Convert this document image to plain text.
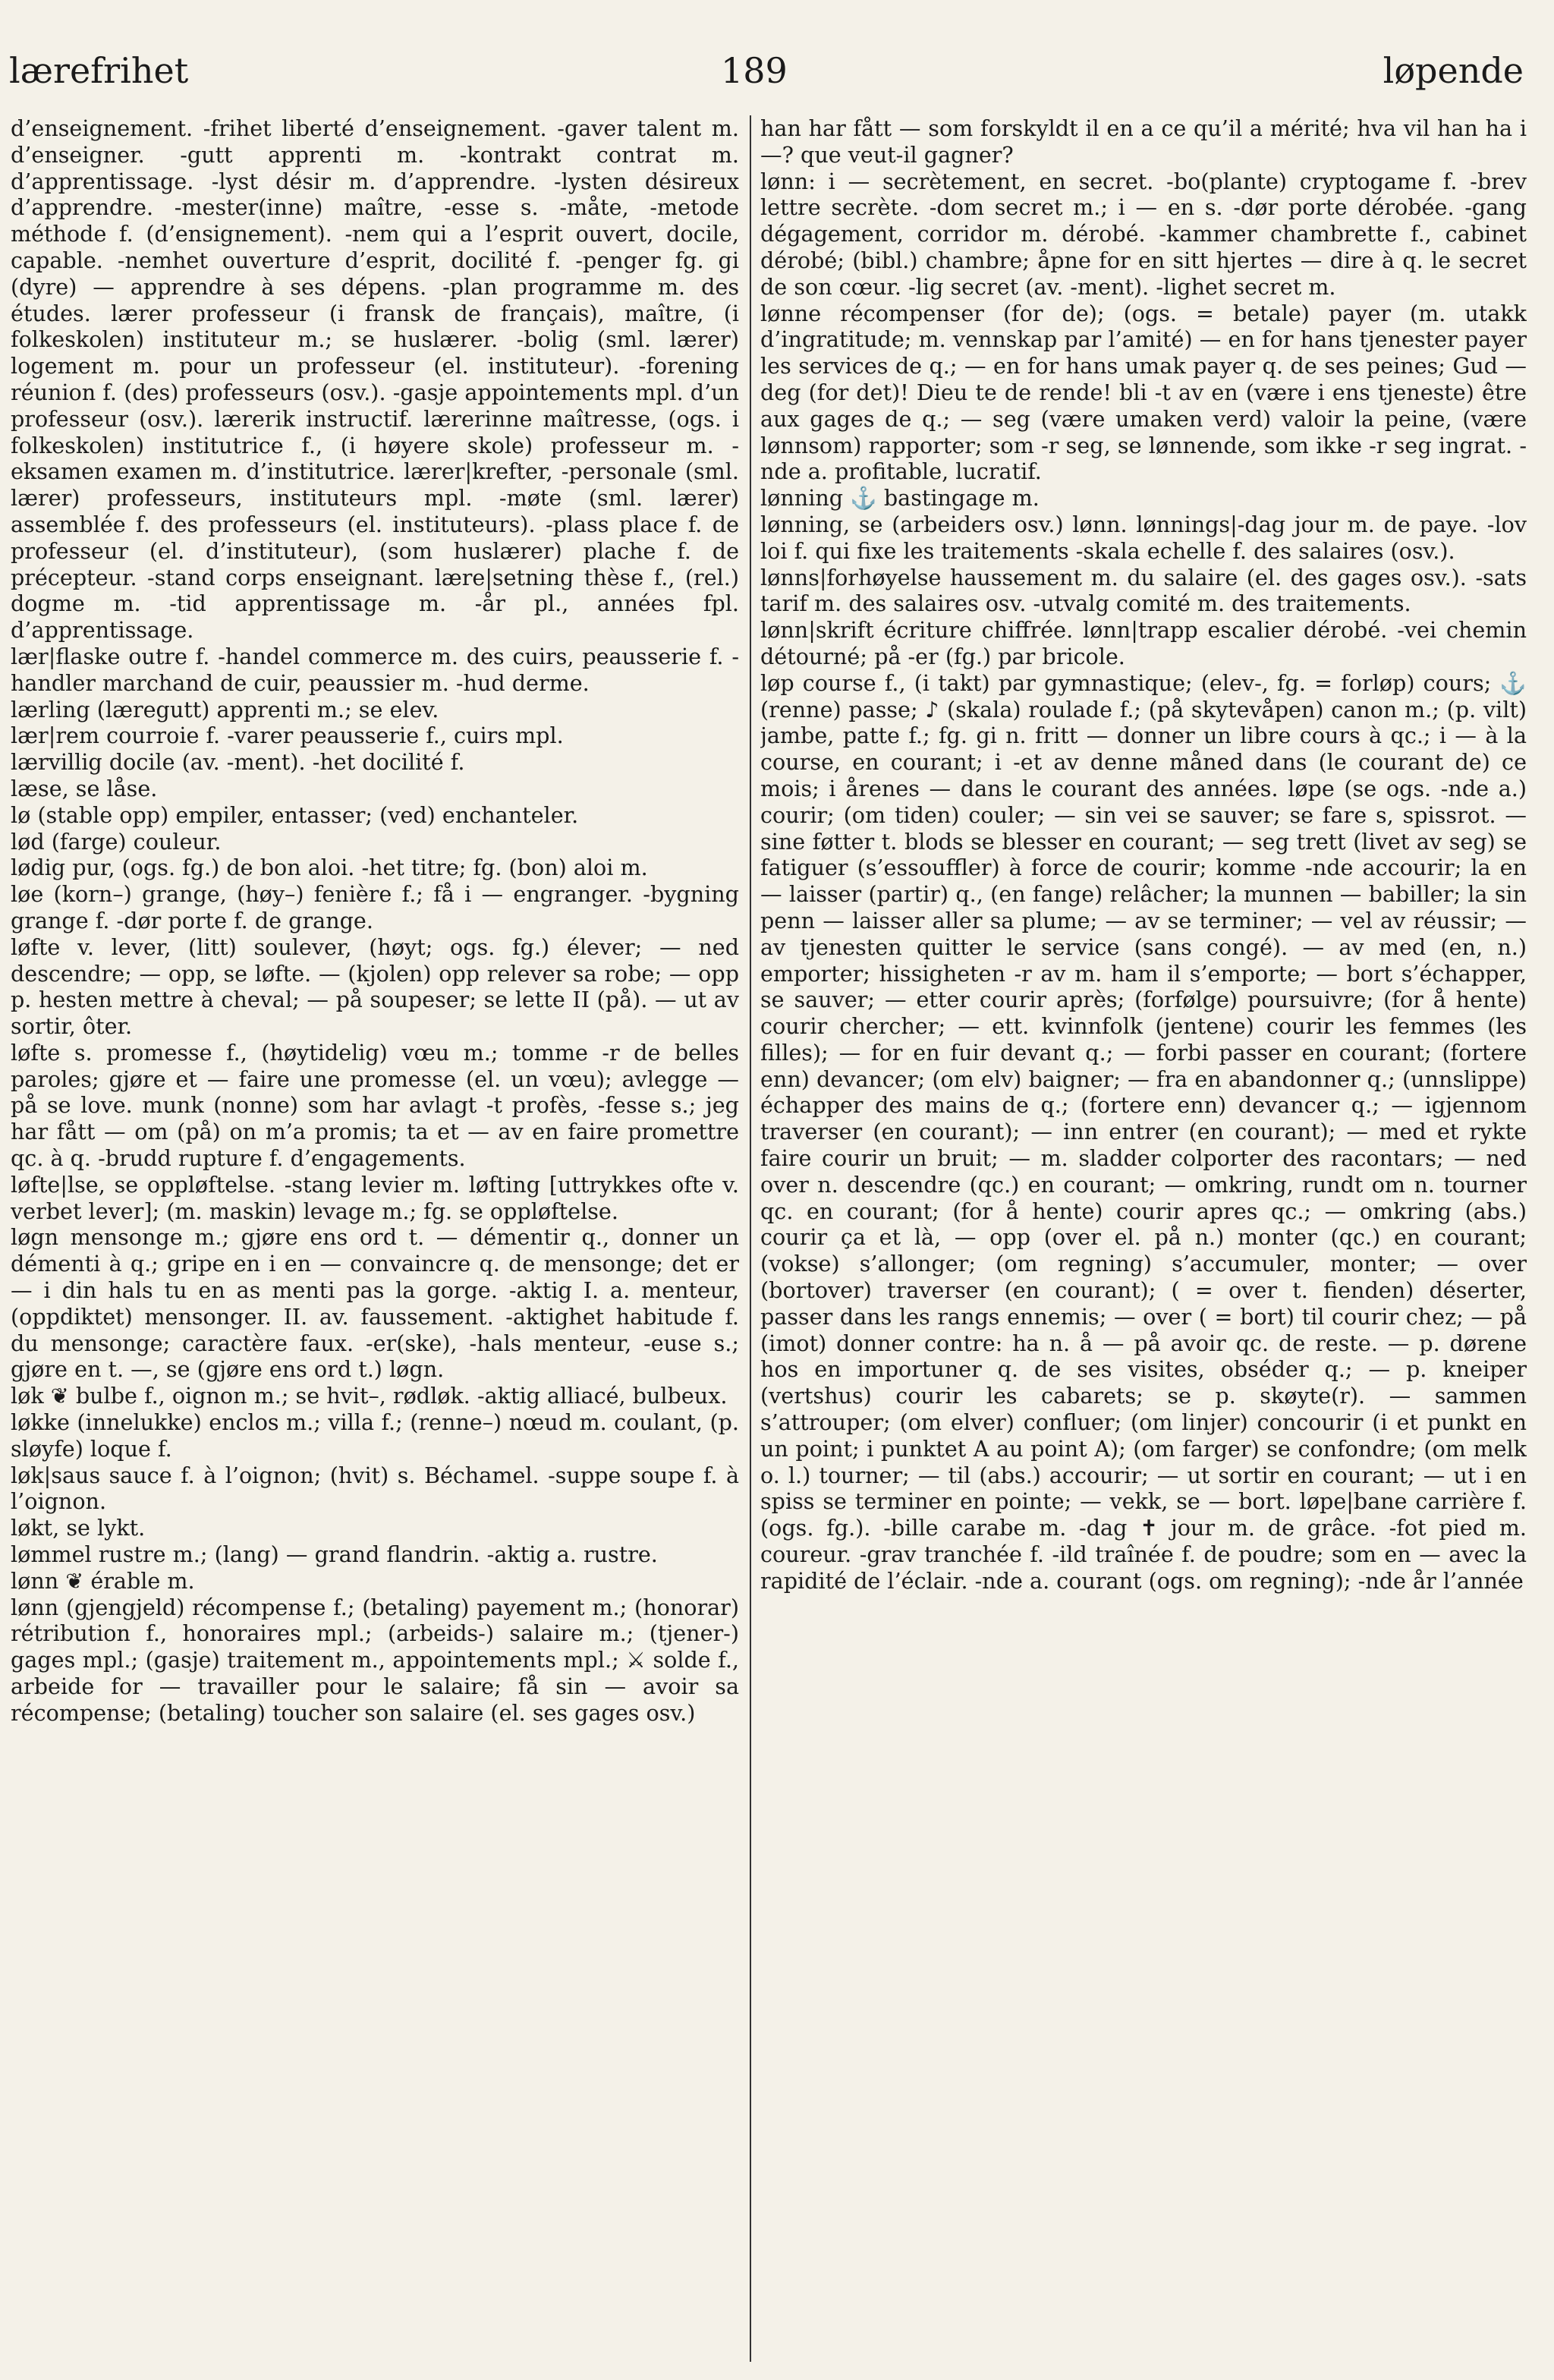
lærefrihet	189	løpende

d’enseignement. -frihet liberté d’enseignement. -gaver talent m. d’enseigner. -gutt apprenti m. -kontrakt contrat m. d’apprentissage. -lyst désir m. d’apprendre. -lysten désireux d’apprendre. -mester(inne) maître, -esse s. -måte, -metode méthode f. (d’ensignement). -nem qui a l’esprit ouvert, docile, capable. -nemhet ouverture d’esprit, docilité f. -penger fg. gi (dyre) — apprendre à ses dépens. -plan programme m. des études. lærer professeur (i fransk de français), maître, (i folkeskolen) instituteur m.; se huslærer. -bolig (sml. lærer) logement m. pour un professeur (el. instituteur). -forening réunion f. (des) professeurs (osv.). -gasje appointements mpl. d’un professeur (osv.). lærerik instructif. lærerinne maîtresse, (ogs. i folkeskolen) institutrice f., (i høyere skole) professeur m. -eksamen examen m. d’institutrice. lærer|krefter, -personale (sml. lærer) professeurs, instituteurs mpl. -møte (sml. lærer) assemblée f. des professeurs (el. instituteurs). -plass place f. de professeur (el. d’instituteur), (som huslærer) plache f. de précepteur. -stand corps enseignant. lære|setning thèse f., (rel.) dogme m. -tid apprentissage m. -år pl., années fpl. d’apprentissage.

lær|flaske outre f. -handel commerce m. des cuirs, peausserie f. -handler marchand de cuir, peaussier m. -hud derme.

lærling (læregutt) apprenti m.; se elev.

lær|rem courroie f. -varer peausserie f., cuirs mpl.

lærvillig docile (av. -ment). -het docilité f.

læse, se låse.

lø (stable opp) empiler, entasser; (ved) enchanteler.

lød (farge) couleur.

lødig pur, (ogs. fg.) de bon aloi. -het titre; fg. (bon) aloi m.

løe (korn–) grange, (høy–) fenière f.; få i — engranger. -bygning grange f. -dør porte f. de grange.

løfte v. lever, (litt) soulever, (høyt; ogs. fg.) élever; — ned descendre; — opp, se løfte. — (kjolen) opp relever sa robe; — opp p. hesten mettre à cheval; — på soupeser; se lette II (på). — ut av sortir, ôter.

løfte s. promesse f., (høytidelig) vœu m.; tomme -r de belles paroles; gjøre et — faire une promesse (el. un vœu); avlegge — på se love. munk (nonne) som har avlagt -t profès, -fesse s.; jeg har fått — om (på) on m’a promis; ta et — av en faire promettre qc. à q. -brudd rupture f. d’engagements.

løfte|lse, se oppløftelse. -stang levier m. løfting [uttrykkes ofte v. verbet lever]; (m. maskin) levage m.; fg. se oppløftelse.

løgn mensonge m.; gjøre ens ord t. — démentir q., donner un démenti à q.; gripe en i en — convaincre q. de mensonge; det er — i din hals tu en as menti pas la gorge. -aktig I. a. menteur, (oppdiktet) mensonger. II. av. faussement. -aktighet habitude f. du mensonge; caractère faux. -er(ske), -hals menteur, -euse s.; gjøre en t. —, se (gjøre ens ord t.) løgn.

løk ❦ bulbe f., oignon m.; se hvit–, rødløk. -aktig alliacé, bulbeux.

løkke (innelukke) enclos m.; villa f.; (renne–) nœud m. coulant, (p. sløyfe) loque f.

løk|saus sauce f. à l’oignon; (hvit) s. Béchamel. -suppe soupe f. à l’oignon.

løkt, se lykt.

lømmel rustre m.; (lang) — grand flandrin. -aktig a. rustre.

lønn ❦ érable m.

lønn (gjengjeld) récompense f.; (betaling) payement m.; (honorar) rétribution f., honoraires mpl.; (arbeids-) salaire m.; (tjener-) gages mpl.; (gasje) traitement m., appointements mpl.; ⚔ solde f., arbeide for — travailler pour le salaire; få sin — avoir sa récompense; (betaling) toucher son salaire (el. ses gages osv.)

han har fått — som forskyldt il en a ce qu’il a mérité; hva vil han ha i —? que veut-il gagner?

lønn: i — secrètement, en secret. -bo(plante) cryptogame f. -brev lettre secrète. -dom secret m.; i — en s. -dør porte dérobée. -gang dégagement, corridor m. dérobé. -kammer chambrette f., cabinet dérobé; (bibl.) chambre; åpne for en sitt hjertes — dire à q. le secret de son cœur. -lig secret (av. -ment). -lighet secret m.

lønne récompenser (for de); (ogs. = betale) payer (m. utakk d’ingratitude; m. vennskap par l’amité) — en for hans tjenester payer les services de q.; — en for hans umak payer q. de ses peines; Gud — deg (for det)! Dieu te de rende! bli -t av en (være i ens tjeneste) être aux gages de q.; — seg (være umaken verd) valoir la peine, (være lønnsom) rapporter; som -r seg, se lønnende, som ikke -r seg ingrat. -nde a. profitable, lucratif.

lønning ⚓ bastingage m.

lønning, se (arbeiders osv.) lønn. lønnings|-dag jour m. de paye. -lov loi f. qui fixe les traitements -skala echelle f. des salaires (osv.).

lønns|forhøyelse haussement m. du salaire (el. des gages osv.). -sats tarif m. des salaires osv. -utvalg comité m. des traitements.

lønn|skrift écriture chiffrée. lønn|trapp escalier dérobé. -vei chemin détourné; på -er (fg.) par bricole.

løp course f., (i takt) par gymnastique; (elev-, fg. = forløp) cours; ⚓ (renne) passe; ♪ (skala) roulade f.; (på skytevåpen) canon m.; (p. vilt) jambe, patte f.; fg. gi n. fritt — donner un libre cours à qc.; i — à la course, en courant; i -et av denne måned dans (le courant de) ce mois; i årenes — dans le courant des années. løpe (se ogs. -nde a.) courir; (om tiden) couler; — sin vei se sauver; se fare s, spissrot. — sine føtter t. blods se blesser en courant; — seg trett (livet av seg) se fatiguer (s’essouffler) à force de courir; komme -nde accourir; la en — laisser (partir) q., (en fange) relâcher; la munnen — babiller; la sin penn — laisser aller sa plume; — av se terminer; — vel av réussir; — av tjenesten quitter le service (sans congé). — av med (en, n.) emporter; hissigheten -r av m. ham il s’emporte; — bort s’échapper, se sauver; — etter courir après; (forfølge) poursuivre; (for å hente) courir chercher; — ett. kvinnfolk (jentene) courir les femmes (les filles); — for en fuir devant q.; — forbi passer en courant; (fortere enn) devancer; (om elv) baigner; — fra en abandonner q.; (unnslippe) échapper des mains de q.; (fortere enn) devancer q.; — igjennom traverser (en courant); — inn entrer (en courant); — med et rykte faire courir un bruit; — m. sladder colporter des racontars; — ned over n. descendre (qc.) en courant; — omkring, rundt om n. tourner qc. en courant; (for å hente) courir apres qc.; — omkring (abs.) courir ça et là, — opp (over el. på n.) monter (qc.) en courant; (vokse) s’allonger; (om regning) s’accumuler, monter; — over (bortover) traverser (en courant); ( = over t. fienden) déserter, passer dans les rangs ennemis; — over ( = bort) til courir chez; — på (imot) donner contre: ha n. å — på avoir qc. de reste. — p. dørene hos en importuner q. de ses visites, obséder q.; — p. kneiper (vertshus) courir les cabarets; se p. skøyte(r). — sammen s’attrouper; (om elver) confluer; (om linjer) concourir (i et punkt en un point; i punktet A au point A); (om farger) se confondre; (om melk o. l.) tourner; — til (abs.) accourir; — ut sortir en courant; — ut i en spiss se terminer en pointe; — vekk, se — bort. løpe|bane carrière f. (ogs. fg.). -bille carabe m. -dag ✝ jour m. de grâce. -fot pied m. coureur. -grav tranchée f. -ild traînée f. de poudre; som en — avec la rapidité de l’éclair. -nde a. courant (ogs. om regning); -nde år l’année
